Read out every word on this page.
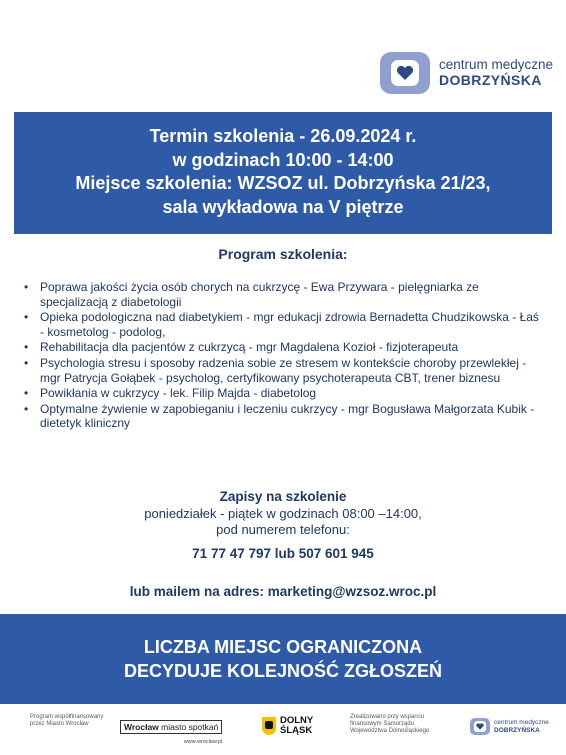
centrum medyczne
DOBRZYŃSKA
Termin szkolenia - 26.09.2024 r.
w godzinach 10:00 - 14:00
Miejsce szkolenia: WZSOZ ul. Dobrzyńska 21/23,
sala wykładowa na V piętrze
Program szkolenia:
• Poprawa jakości życia osób chorych na cukrzycę - Ewa Przywara - pielęgniarka ze specjalizacją z diabetologii
• Opieka podologiczna nad diabetykiem - mgr edukacji zdrowia Bernadetta Chudzikowska - Łaś - kosmetolog - podolog,
• Rehabilitacja dla pacjentów z cukrzycą - mgr Magdalena Kozioł - fizjoterapeuta
• Psychologia stresu i sposoby radzenia sobie ze stresem w kontekście choroby przewlekłej - mgr Patrycja Gołąbek - psycholog, certyfikowany psychoterapeuta CBT, trener biznesu
• Powikłania w cukrzycy - lek. Filip Majda - diabetolog
• Optymalne żywienie w zapobieganiu i leczeniu cukrzycy - mgr Bogusława Małgorzata Kubik - dietetyk kliniczny
Zapisy na szkolenie
poniedziałek - piątek w godzinach 08:00 –14:00,
pod numerem telefonu:
71 77 47 797 lub 507 601 945
lub mailem na adres: marketing@wzsoz.wroc.pl
LICZBA MIEJSC OGRANICZONA
DECYDUJE KOLEJNOŚĆ ZGŁOSZEŃ
Program współfinansowany przez Miasto Wrocław	Wrocław miasto spotkań
www.wroclaw.pl
DOLNY
ŚLĄSK
Zrealizowano przy wsparciu finansowym Samorządu Województwa Dolnośląskiego
centrum medyczne
DOBRZYŃSKA
